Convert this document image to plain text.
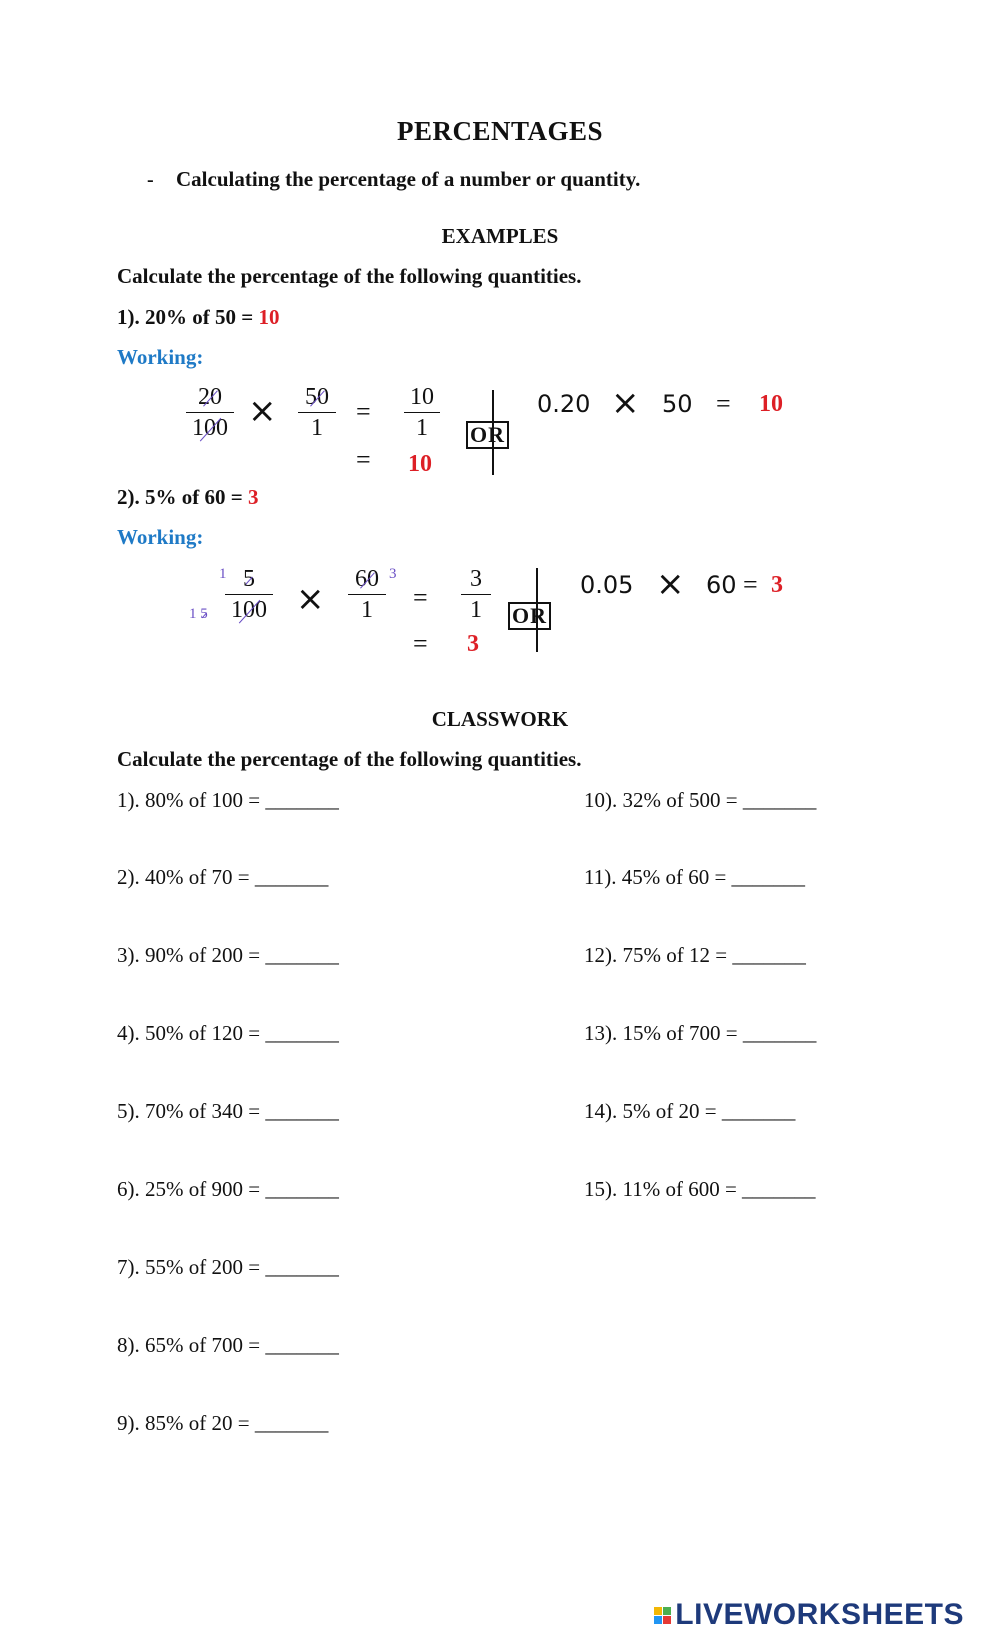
PERCENTAGES
- Calculating the percentage of a number or quantity.
EXAMPLES
Calculate the percentage of the following quantities.
1). 20% of 50 = 10
Working:
20
100 × 50
1
= 10
1
= 10
OR
0.20 × 50 = 10
2). 5% of 60 = 3
Working:
1
1 5
5
100 × 60
1
3
=
3
1
= 3
OR
0.05 × 60 = 3
CLASSWORK
Calculate the percentage of the following quantities.
1). 80% of 100 = _______
2). 40% of 70 = _______
3). 90% of 200 = _______
4). 50% of 120 = _______
5). 70% of 340 = _______
6). 25% of 900 = _______
7). 55% of 200 = _______
8). 65% of 700 = _______
9). 85% of 20 = _______
10). 32% of 500 = _______
11). 45% of 60 = _______
12). 75% of 12 = _______
13). 15% of 700 = _______
14). 5% of 20 = _______
15). 11% of 600 = _______
LIVEWORKSHEETS
